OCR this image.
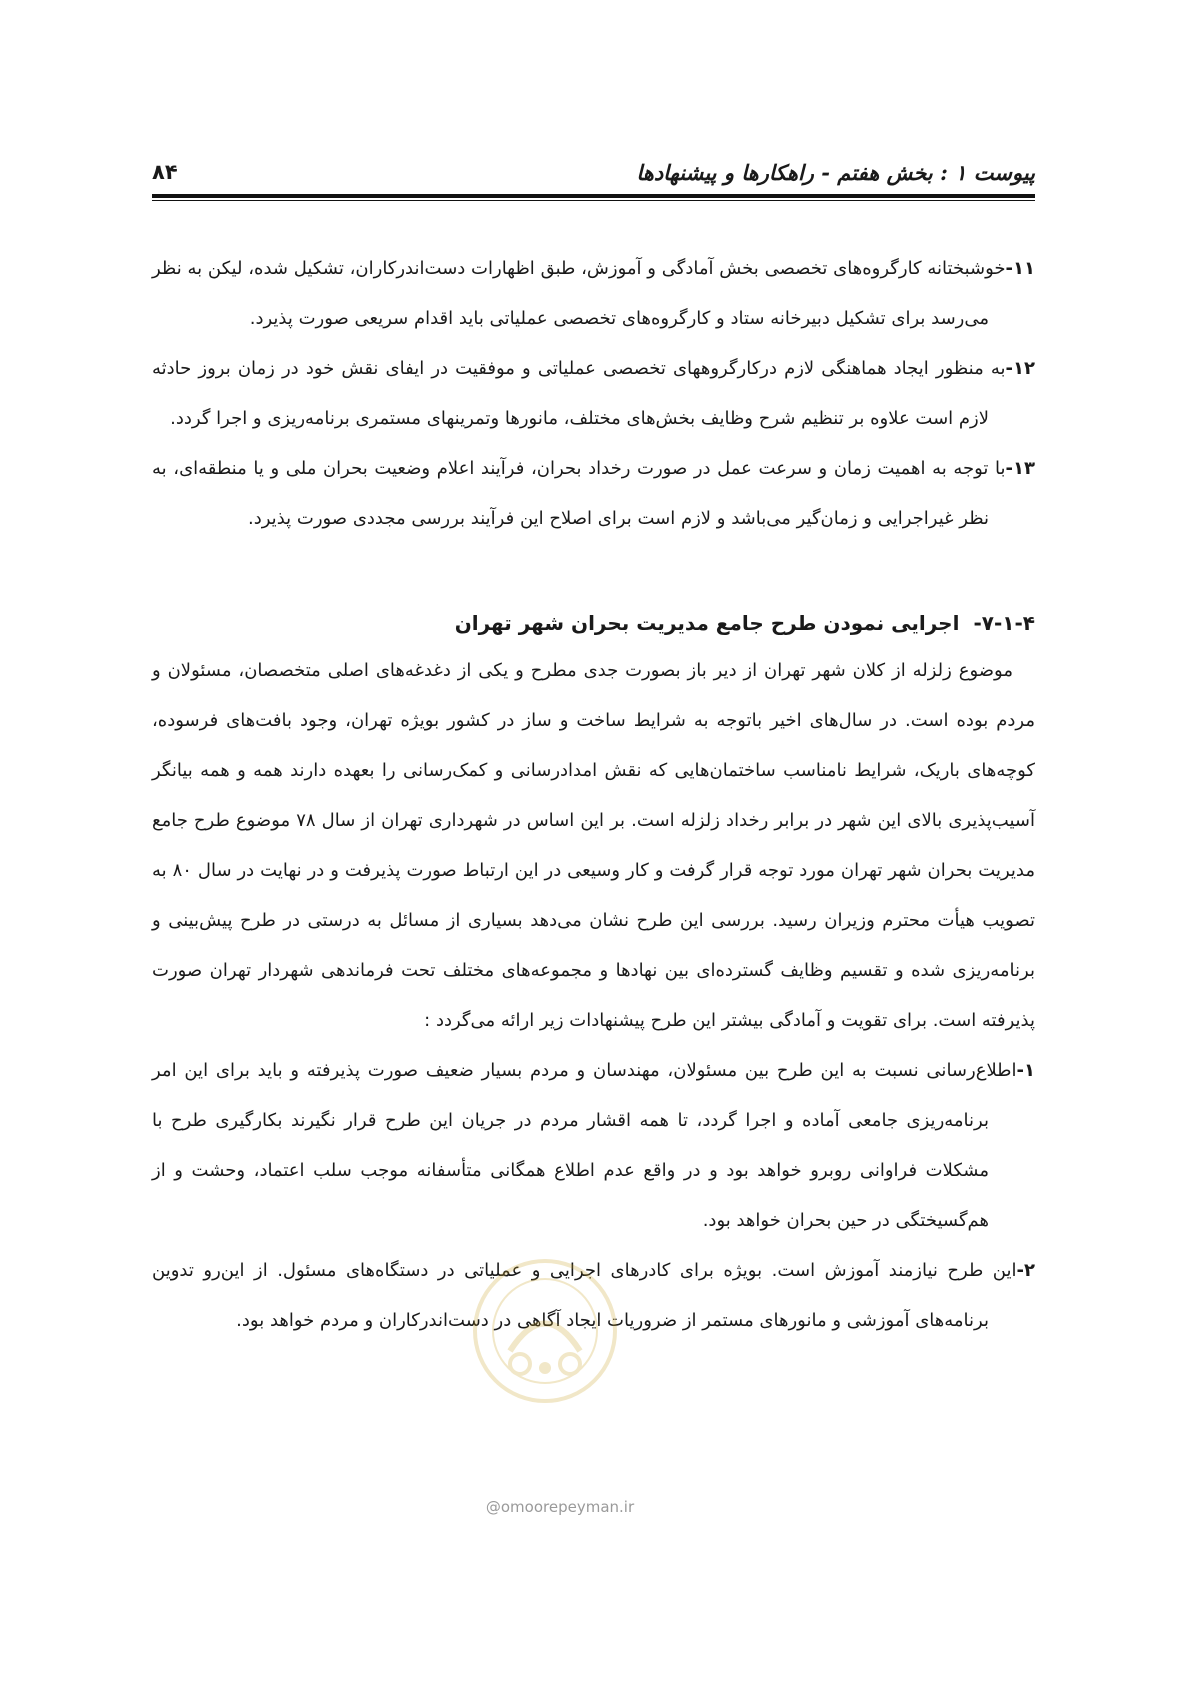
پیوست ۱ : بخش هفتم - راهکارها و پیشنهادها
۸۴

۱۱-خوشبختانه کارگروه‌های تخصصی بخش آمادگی و آموزش، طبق اظهارات دست‌اندرکاران، تشکیل شده، لیکن به نظر می‌رسد برای تشکیل دبیرخانه ستاد و کارگروه‌های تخصصی عملیاتی باید اقدام سریعی صورت پذیرد.

۱۲-به منظور ایجاد هماهنگی لازم درکارگروههای تخصصی عملیاتی و موفقیت در ایفای نقش خود در زمان بروز حادثه لازم است علاوه بر تنظیم شرح وظایف بخش‌های مختلف، مانورها وتمرینهای مستمری برنامه‌ریزی و اجرا گردد.

۱۳-با توجه به اهمیت زمان و سرعت عمل در صورت رخداد بحران، فرآیند اعلام وضعیت بحران ملی و یا منطقه‌ای، به نظر غیراجرایی و زمان‌گیر می‌باشد و لازم است برای اصلاح این فرآیند بررسی مجددی صورت پذیرد.

۷-۱-۴-اجرایی نمودن طرح جامع مدیریت بحران شهر تهران

موضوع زلزله از کلان شهر تهران از دیر باز بصورت جدی مطرح و یکی از دغدغه‌های اصلی متخصصان، مسئولان و مردم بوده است. در سال‌های اخیر باتوجه به شرایط ساخت و ساز در کشور بویژه تهران، وجود بافت‌های فرسوده، کوچه‌های باریک، شرایط نامناسب ساختمان‌هایی که نقش امدادرسانی و کمک‌رسانی را بعهده دارند همه و همه بیانگر آسیب‌پذیری بالای این شهر در برابر رخداد زلزله است. بر این اساس در شهرداری تهران از سال ۷۸ موضوع طرح جامع مدیریت بحران شهر تهران مورد توجه قرار گرفت و کار وسیعی در این ارتباط صورت پذیرفت و در نهایت در سال ۸۰ به تصویب هیأت محترم وزیران رسید. بررسی این طرح نشان می‌دهد بسیاری از مسائل به درستی در طرح پیش‌بینی و برنامه‌ریزی شده و تقسیم وظایف گسترده‌ای بین نهادها و مجموعه‌های مختلف تحت فرماندهی شهردار تهران صورت پذیرفته است. برای تقویت و آمادگی بیشتر این طرح پیشنهادات زیر ارائه می‌گردد :

۱-اطلاع‌رسانی نسبت به این طرح بین مسئولان، مهندسان و مردم بسیار ضعیف صورت پذیرفته و باید برای این امر برنامه‌ریزی جامعی آماده و اجرا گردد، تا همه اقشار مردم در جریان این طرح قرار نگیرند بکارگیری طرح با مشکلات فراوانی روبرو خواهد بود و در واقع عدم اطلاع همگانی متأسفانه موجب سلب اعتماد، وحشت و از هم‌گسیختگی در حین بحران خواهد بود.

۲-این طرح نیازمند آموزش است. بویژه برای کادرهای اجرایی و عملیاتی در دستگاه‌های مسئول. از این‌رو تدوین برنامه‌های آموزشی و مانورهای مستمر از ضروریات ایجاد آگاهی در دست‌اندرکاران و مردم خواهد بود.

@omoorepeyman.ir
